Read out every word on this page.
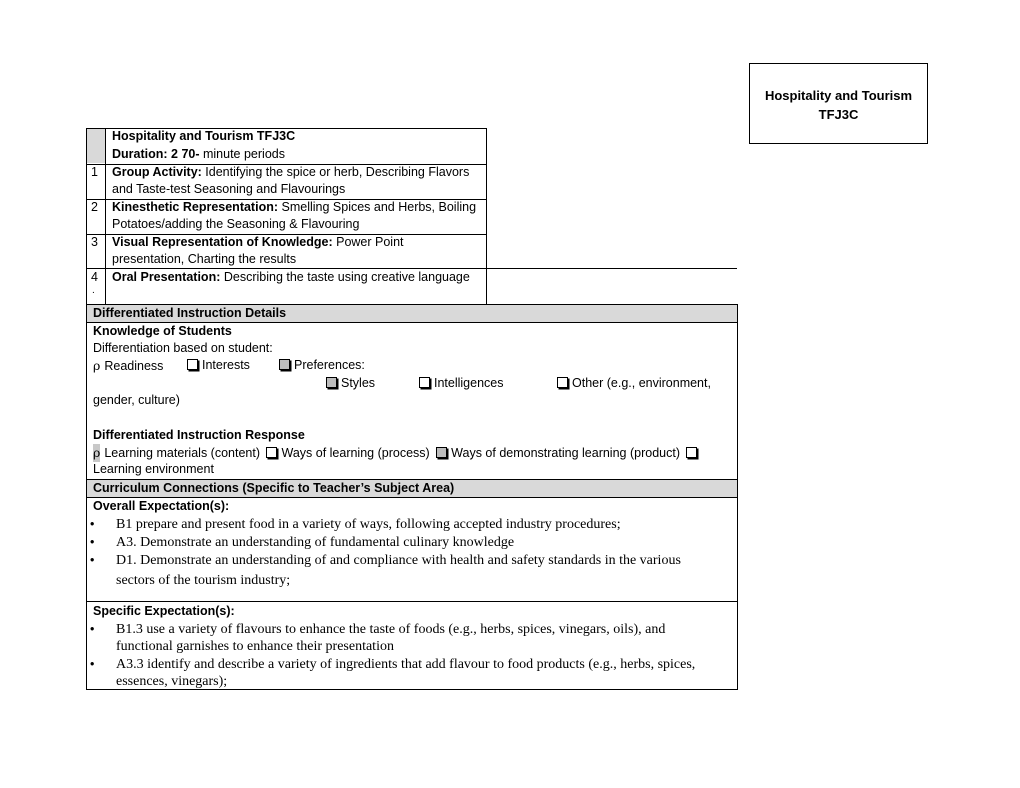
Hospitality and Tourism
TFJ3C
Hospitality and Tourism TFJ3C
Duration: 2 70- minute periods
1 Group Activity: Identifying the spice or herb, Describing Flavors
and Taste-test Seasoning and Flavourings
2 Kinesthetic Representation: Smelling Spices and Herbs, Boiling
Potatoes/adding the Seasoning & Flavouring
3 Visual Representation of Knowledge: Power Point
presentation, Charting the results
4
.
Oral Presentation: Describing the taste using creative language
Differentiated Instruction Details
Knowledge of Students
Differentiation based on student:
ρ Readiness	Interests	Preferences:
Styles	Intelligences	Other (e.g., environment,
gender, culture)
Differentiated Instruction Response
ρ Learning materials (content) Ways of learning (process) Ways of demonstrating learning (product)
Learning environment
Curriculum Connections (Specific to Teacher’s Subject Area)
Overall Expectation(s):
• B1 prepare and present food in a variety of ways, following accepted industry procedures;
• A3. Demonstrate an understanding of fundamental culinary knowledge
• D1. Demonstrate an understanding of and compliance with health and safety standards in the various
sectors of the tourism industry;
Specific Expectation(s):
• B1.3 use a variety of flavours to enhance the taste of foods (e.g., herbs, spices, vinegars, oils), and
functional garnishes to enhance their presentation
• A3.3 identify and describe a variety of ingredients that add flavour to food products (e.g., herbs, spices,
essences, vinegars);
